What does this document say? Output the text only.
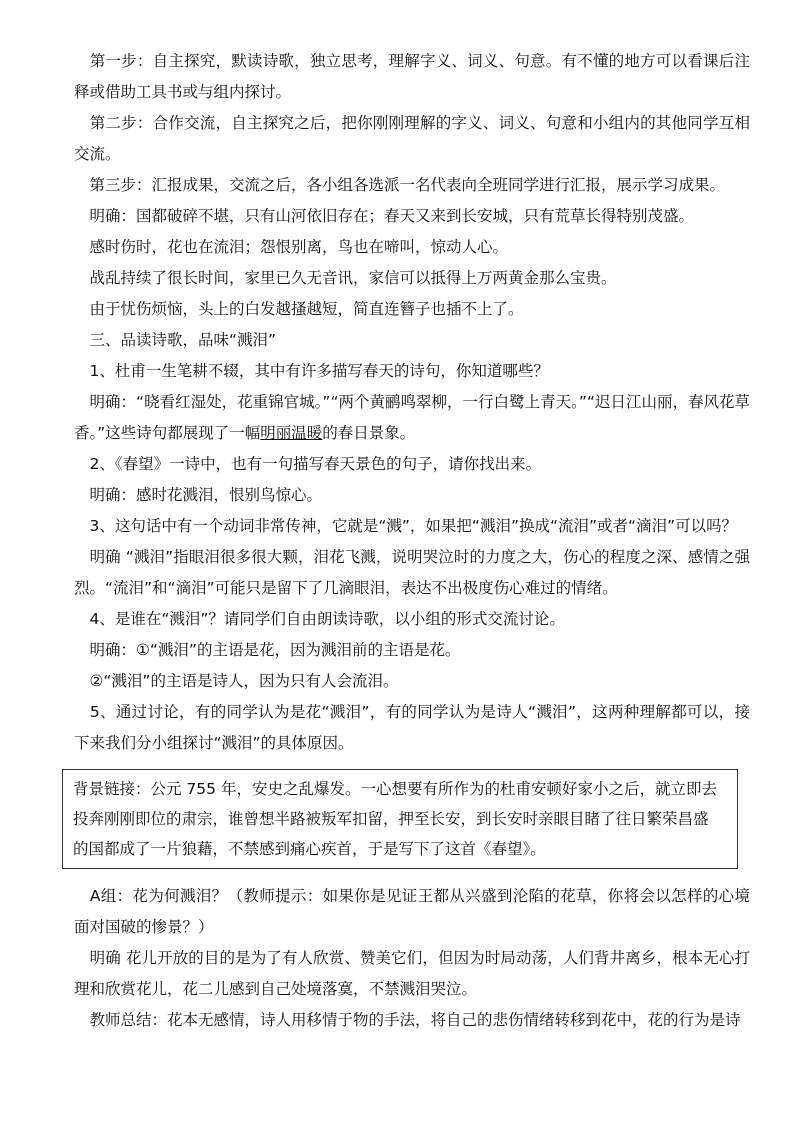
　第一步：自主探究，默读诗歌，独立思考，理解字义、词义、句意。有不懂的地方可以看课后注释或借助工具书或与组内探讨。

　第二步：合作交流，自主探究之后，把你刚刚理解的字义、词义、句意和小组内的其他同学互相交流。

　第三步：汇报成果，交流之后，各小组各选派一名代表向全班同学进行汇报，展示学习成果。

　明确：国都破碎不堪，只有山河依旧存在；春天又来到长安城，只有荒草长得特别茂盛。

　感时伤时，花也在流泪；怨恨别离，鸟也在啼叫，惊动人心。

　战乱持续了很长时间，家里已久无音讯，家信可以抵得上万两黄金那么宝贵。

　由于忧伤烦恼，头上的白发越搔越短，简直连簪子也插不上了。

　三、品读诗歌，品味“溅泪”

　1、杜甫一生笔耕不辍，其中有许多描写春天的诗句，你知道哪些？

　明确：“晓看红湿处，花重锦官城。”“两个黄鹂鸣翠柳，一行白鹭上青天。”“迟日江山丽，春风花草香。”这些诗句都展现了一幅明丽温暖的春日景象。

　2、《春望》一诗中，也有一句描写春天景色的句子，请你找出来。

　明确：感时花溅泪，恨别鸟惊心。

　3、这句话中有一个动词非常传神，它就是“溅”，如果把“溅泪”换成“流泪”或者“滴泪”可以吗？

　明确 “溅泪”指眼泪很多很大颗，泪花飞溅，说明哭泣时的力度之大，伤心的程度之深、感情之强烈。“流泪”和“滴泪”可能只是留下了几滴眼泪，表达不出极度伤心难过的情绪。

　4、是谁在“溅泪”？请同学们自由朗读诗歌，以小组的形式交流讨论。

　明确：①“溅泪”的主语是花，因为溅泪前的主语是花。

　②“溅泪”的主语是诗人，因为只有人会流泪。

　5、通过讨论，有的同学认为是花“溅泪”，有的同学认为是诗人“溅泪”，这两种理解都可以，接下来我们分小组探讨“溅泪”的具体原因。

背景链接：公元 755 年，安史之乱爆发。一心想要有所作为的杜甫安顿好家小之后，就立即去投奔刚刚即位的肃宗，谁曾想半路被叛军扣留，押至长安，到长安时亲眼目睹了往日繁荣昌盛的国都成了一片狼藉，不禁感到痛心疾首，于是写下了这首《春望》。

　A组：花为何溅泪？（教师提示：如果你是见证王都从兴盛到沦陷的花草，你将会以怎样的心境面对国破的惨景？）

　明确 花儿开放的目的是为了有人欣赏、赞美它们，但因为时局动荡，人们背井离乡，根本无心打理和欣赏花儿，花二儿感到自己处境落寞，不禁溅泪哭泣。

　教师总结：花本无感情，诗人用移情于物的手法，将自己的悲伤情绪转移到花中，花的行为是诗
